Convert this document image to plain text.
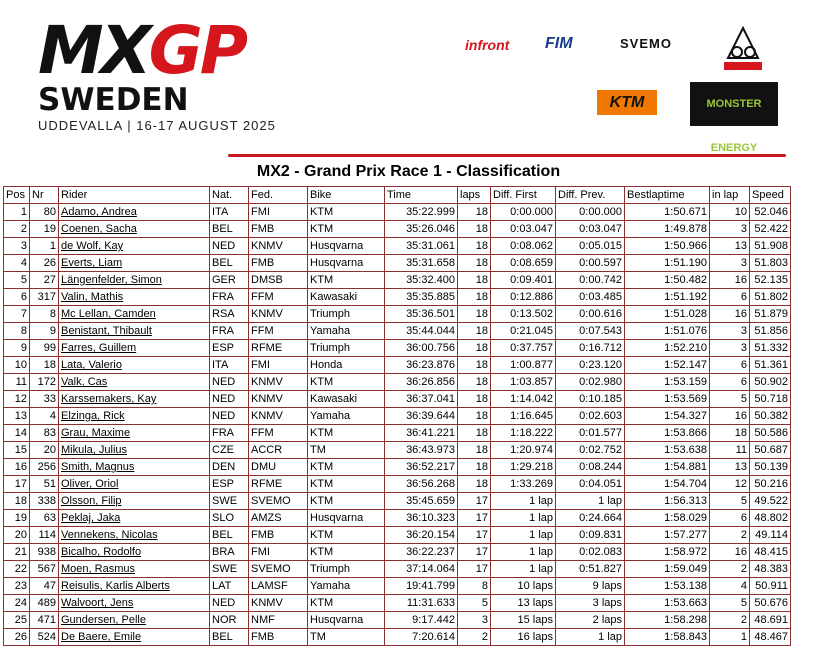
MXGP
SWEDEN
UDDEVALLA | 16-17 AUGUST 2025
infront FIM	SVEMO
KTM	MONSTER ENERGY
MX2 - Grand Prix Race 1 - Classification
Pos	Nr	Rider	Nat.	Fed.	Bike	Time	laps	Diff. First	Diff. Prev.	Bestlaptime	in lap	Speed
1	80	Adamo, Andrea	ITA	FMI	KTM	35:22.999	18	0:00.000	0:00.000	1:50.671	10	52.046
2	19	Coenen, Sacha	BEL	FMB	KTM	35:26.046	18	0:03.047	0:03.047	1:49.878	3	52.422
3	1	de Wolf, Kay	NED	KNMV	Husqvarna	35:31.061	18	0:08.062	0:05.015	1:50.966	13	51.908
4	26	Everts, Liam	BEL	FMB	Husqvarna	35:31.658	18	0:08.659	0:00.597	1:51.190	3	51.803
5	27	Längenfelder, Simon	GER	DMSB	KTM	35:32.400	18	0:09.401	0:00.742	1:50.482	16	52.135
6	317	Valin, Mathis	FRA	FFM	Kawasaki	35:35.885	18	0:12.886	0:03.485	1:51.192	6	51.802
7	8	Mc Lellan, Camden	RSA	KNMV	Triumph	35:36.501	18	0:13.502	0:00.616	1:51.028	16	51.879
8	9	Benistant, Thibault	FRA	FFM	Yamaha	35:44.044	18	0:21.045	0:07.543	1:51.076	3	51.856
9	99	Farres, Guillem	ESP	RFME	Triumph	36:00.756	18	0:37.757	0:16.712	1:52.210	3	51.332
10	18	Lata, Valerio	ITA	FMI	Honda	36:23.876	18	1:00.877	0:23.120	1:52.147	6	51.361
11	172	Valk, Cas	NED	KNMV	KTM	36:26.856	18	1:03.857	0:02.980	1:53.159	6	50.902
12	33	Karssemakers, Kay	NED	KNMV	Kawasaki	36:37.041	18	1:14.042	0:10.185	1:53.569	5	50.718
13	4	Elzinga, Rick	NED	KNMV	Yamaha	36:39.644	18	1:16.645	0:02.603	1:54.327	16	50.382
14	83	Grau, Maxime	FRA	FFM	KTM	36:41.221	18	1:18.222	0:01.577	1:53.866	18	50.586
15	20	Mikula, Julius	CZE	ACCR	TM	36:43.973	18	1:20.974	0:02.752	1:53.638	11	50.687
16	256	Smith, Magnus	DEN	DMU	KTM	36:52.217	18	1:29.218	0:08.244	1:54.881	13	50.139
17	51	Oliver, Oriol	ESP	RFME	KTM	36:56.268	18	1:33.269	0:04.051	1:54.704	12	50.216
18	338	Olsson, Filip	SWE	SVEMO	KTM	35:45.659	17	1 lap	1 lap	1:56.313	5	49.522
19	63	Peklaj, Jaka	SLO	AMZS	Husqvarna	36:10.323	17	1 lap	0:24.664	1:58.029	6	48.802
20	114	Vennekens, Nicolas	BEL	FMB	KTM	36:20.154	17	1 lap	0:09.831	1:57.277	2	49.114
21	938	Bicalho, Rodolfo	BRA	FMI	KTM	36:22.237	17	1 lap	0:02.083	1:58.972	16	48.415
22	567	Moen, Rasmus	SWE	SVEMO	Triumph	37:14.064	17	1 lap	0:51.827	1:59.049	2	48.383
23	47	Reisulis, Karlis Alberts	LAT	LAMSF	Yamaha	19:41.799	8	10 laps	9 laps	1:53.138	4	50.911
24	489	Walvoort, Jens	NED	KNMV	KTM	11:31.633	5	13 laps	3 laps	1:53.663	5	50.676
25	471	Gundersen, Pelle	NOR	NMF	Husqvarna	9:17.442	3	15 laps	2 laps	1:58.298	2	48.691
26	524	De Baere, Emile	BEL	FMB	TM	7:20.614	2	16 laps	1 lap	1:58.843	1	48.467
